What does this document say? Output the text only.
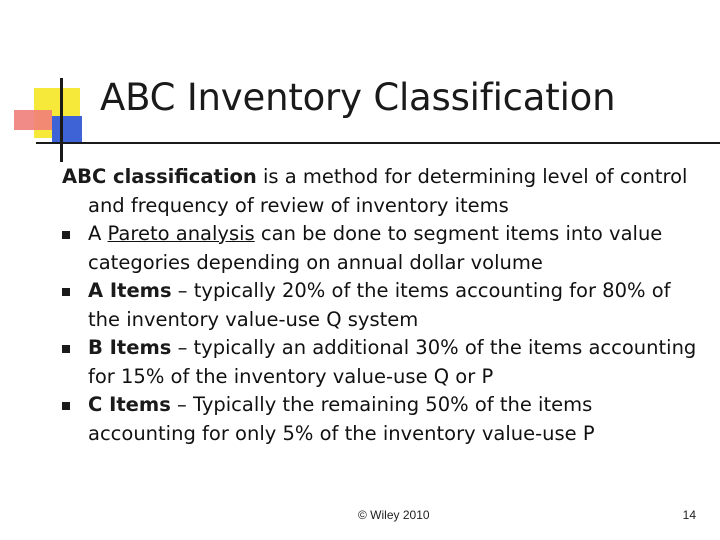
ABC Inventory Classification
ABC classification is a method for determining level of control and frequency of review of inventory items
A Pareto analysis can be done to segment items into value categories depending on annual dollar volume
A Items – typically 20% of the items accounting for 80% of the inventory value-use Q system
B Items – typically an additional 30% of the items accounting for 15% of the inventory value-use Q or P
C Items – Typically the remaining 50% of the items accounting for only 5% of the inventory value-use P
© Wiley 2010	14
